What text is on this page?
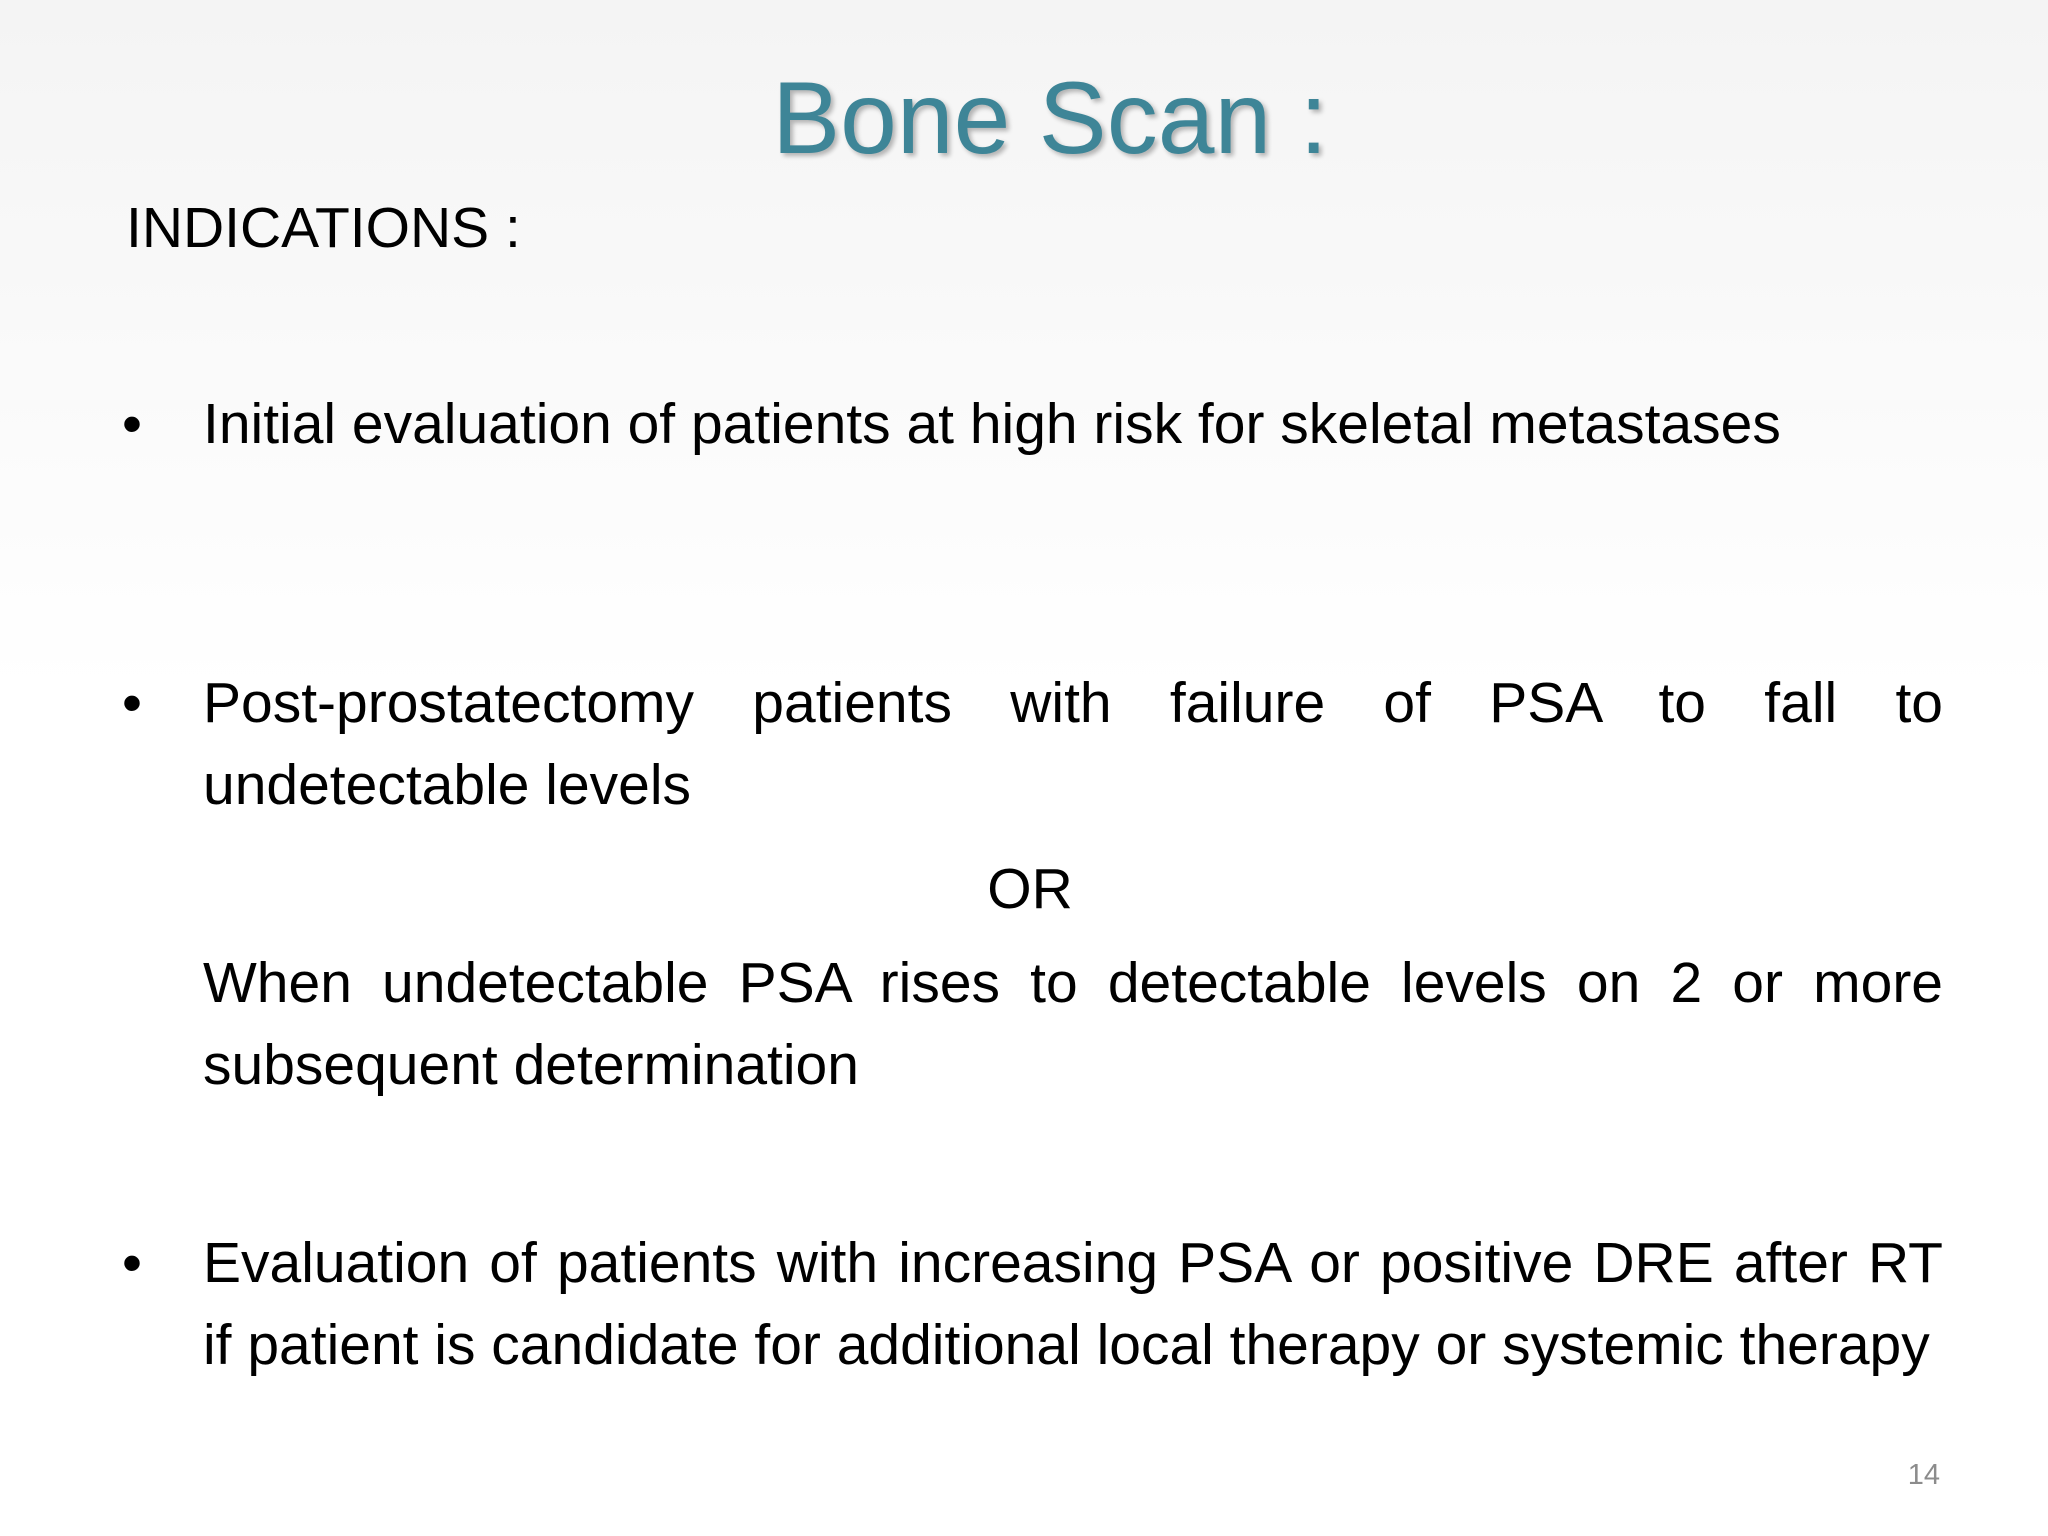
Bone Scan :
INDICATIONS :
• Initial evaluation of patients at high risk for skeletal metastases
• Post-prostatectomy patients with failure of PSA to fall to undetectable levels
OR
When undetectable PSA rises to detectable levels on 2 or more subsequent determination
• Evaluation of patients with increasing PSA or positive DRE after RT if patient is candidate for additional local therapy or systemic therapy
14
